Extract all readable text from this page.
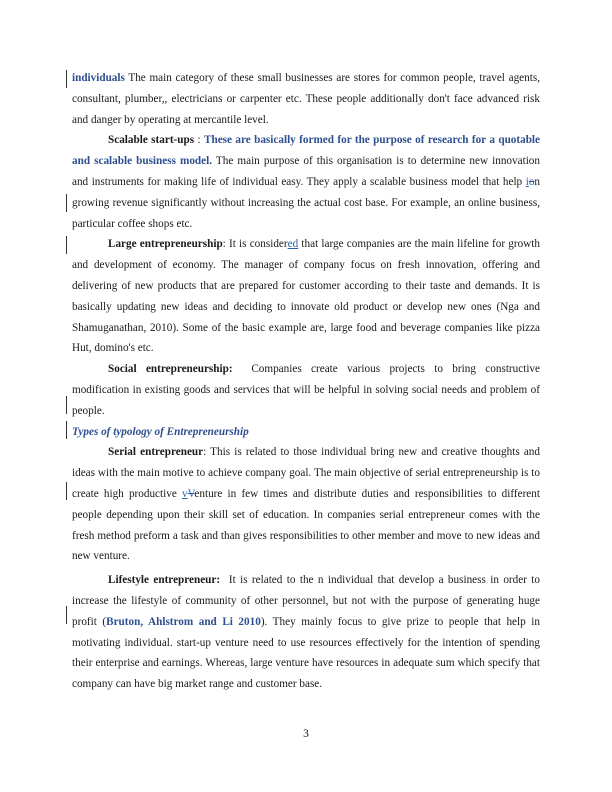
individuals The main category of these small businesses are stores for common people, travel agents, consultant, plumber,, electricians or carpenter etc. These people additionally don't face advanced risk and danger by operating at mercantile level.

Scalable start-ups : These are basically formed for the purpose of research for a quotable and scalable business model. The main purpose of this organisation is to determine new innovation and instruments for making life of individual easy. They apply a scalable business model that help ion growing revenue significantly without increasing the actual cost base. For example, an online business, particular coffee shops etc.

Large entrepreneurship: It is considered that large companies are the main lifeline for growth and development of economy. The manager of company focus on fresh innovation, offering and delivering of new products that are prepared for customer according to their taste and demands. It is basically updating new ideas and deciding to innovate old product or develop new ones (Nga and Shamuganathan, 2010). Some of the basic example are, large food and beverage companies like pizza Hut, domino's etc.

Social entrepreneurship:  Companies create various projects to bring constructive modification in existing goods and services that will be helpful in solving social needs and problem of people.

Types of typology of Entrepreneurship

Serial entrepreneur: This is related to those individual bring new and creative thoughts and ideas with the main motive to achieve company goal. The main objective of serial entrepreneurship is to create high productive vVenture in few times and distribute duties and responsibilities to different people depending upon their skill set of education. In companies serial entrepreneur comes with the fresh method preform a task and than gives responsibilities to other member and move to new ideas and new venture.

Lifestyle entrepreneur:  It is related to the n individual that develop a business in order to increase the lifestyle of community of other personnel, but not with the purpose of generating huge profit (Bruton, Ahlstrom and Li 2010). They mainly focus to give prize to people that help in motivating individual. start-up venture need to use resources effectively for the intention of spending their enterprise and earnings. Whereas, large venture have resources in adequate sum which specify that company can have big market range and customer base.

3
